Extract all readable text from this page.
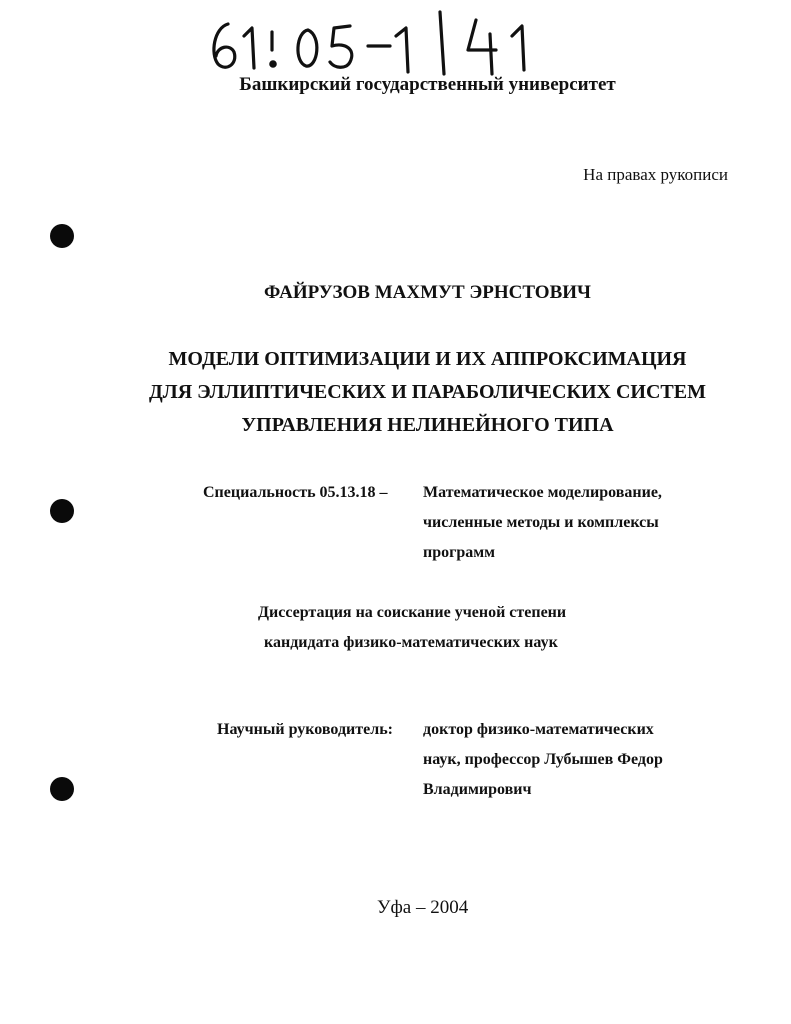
Башкирский государственный университет
На правах рукописи
ФАЙРУЗОВ МАХМУТ ЭРНСТОВИЧ
МОДЕЛИ ОПТИМИЗАЦИИ И ИХ АППРОКСИМАЦИЯ
ДЛЯ ЭЛЛИПТИЧЕСКИХ И ПАРАБОЛИЧЕСКИХ СИСТЕМ
УПРАВЛЕНИЯ НЕЛИНЕЙНОГО ТИПА
Специальность 05.13.18 – Математическое моделирование,
численные методы и комплексы
программ
Диссертация на соискание ученой степени
кандидата физико-математических наук
Научный руководитель: доктор физико-математических
наук, профессор Лубышев Федор
Владимирович
Уфа – 2004
